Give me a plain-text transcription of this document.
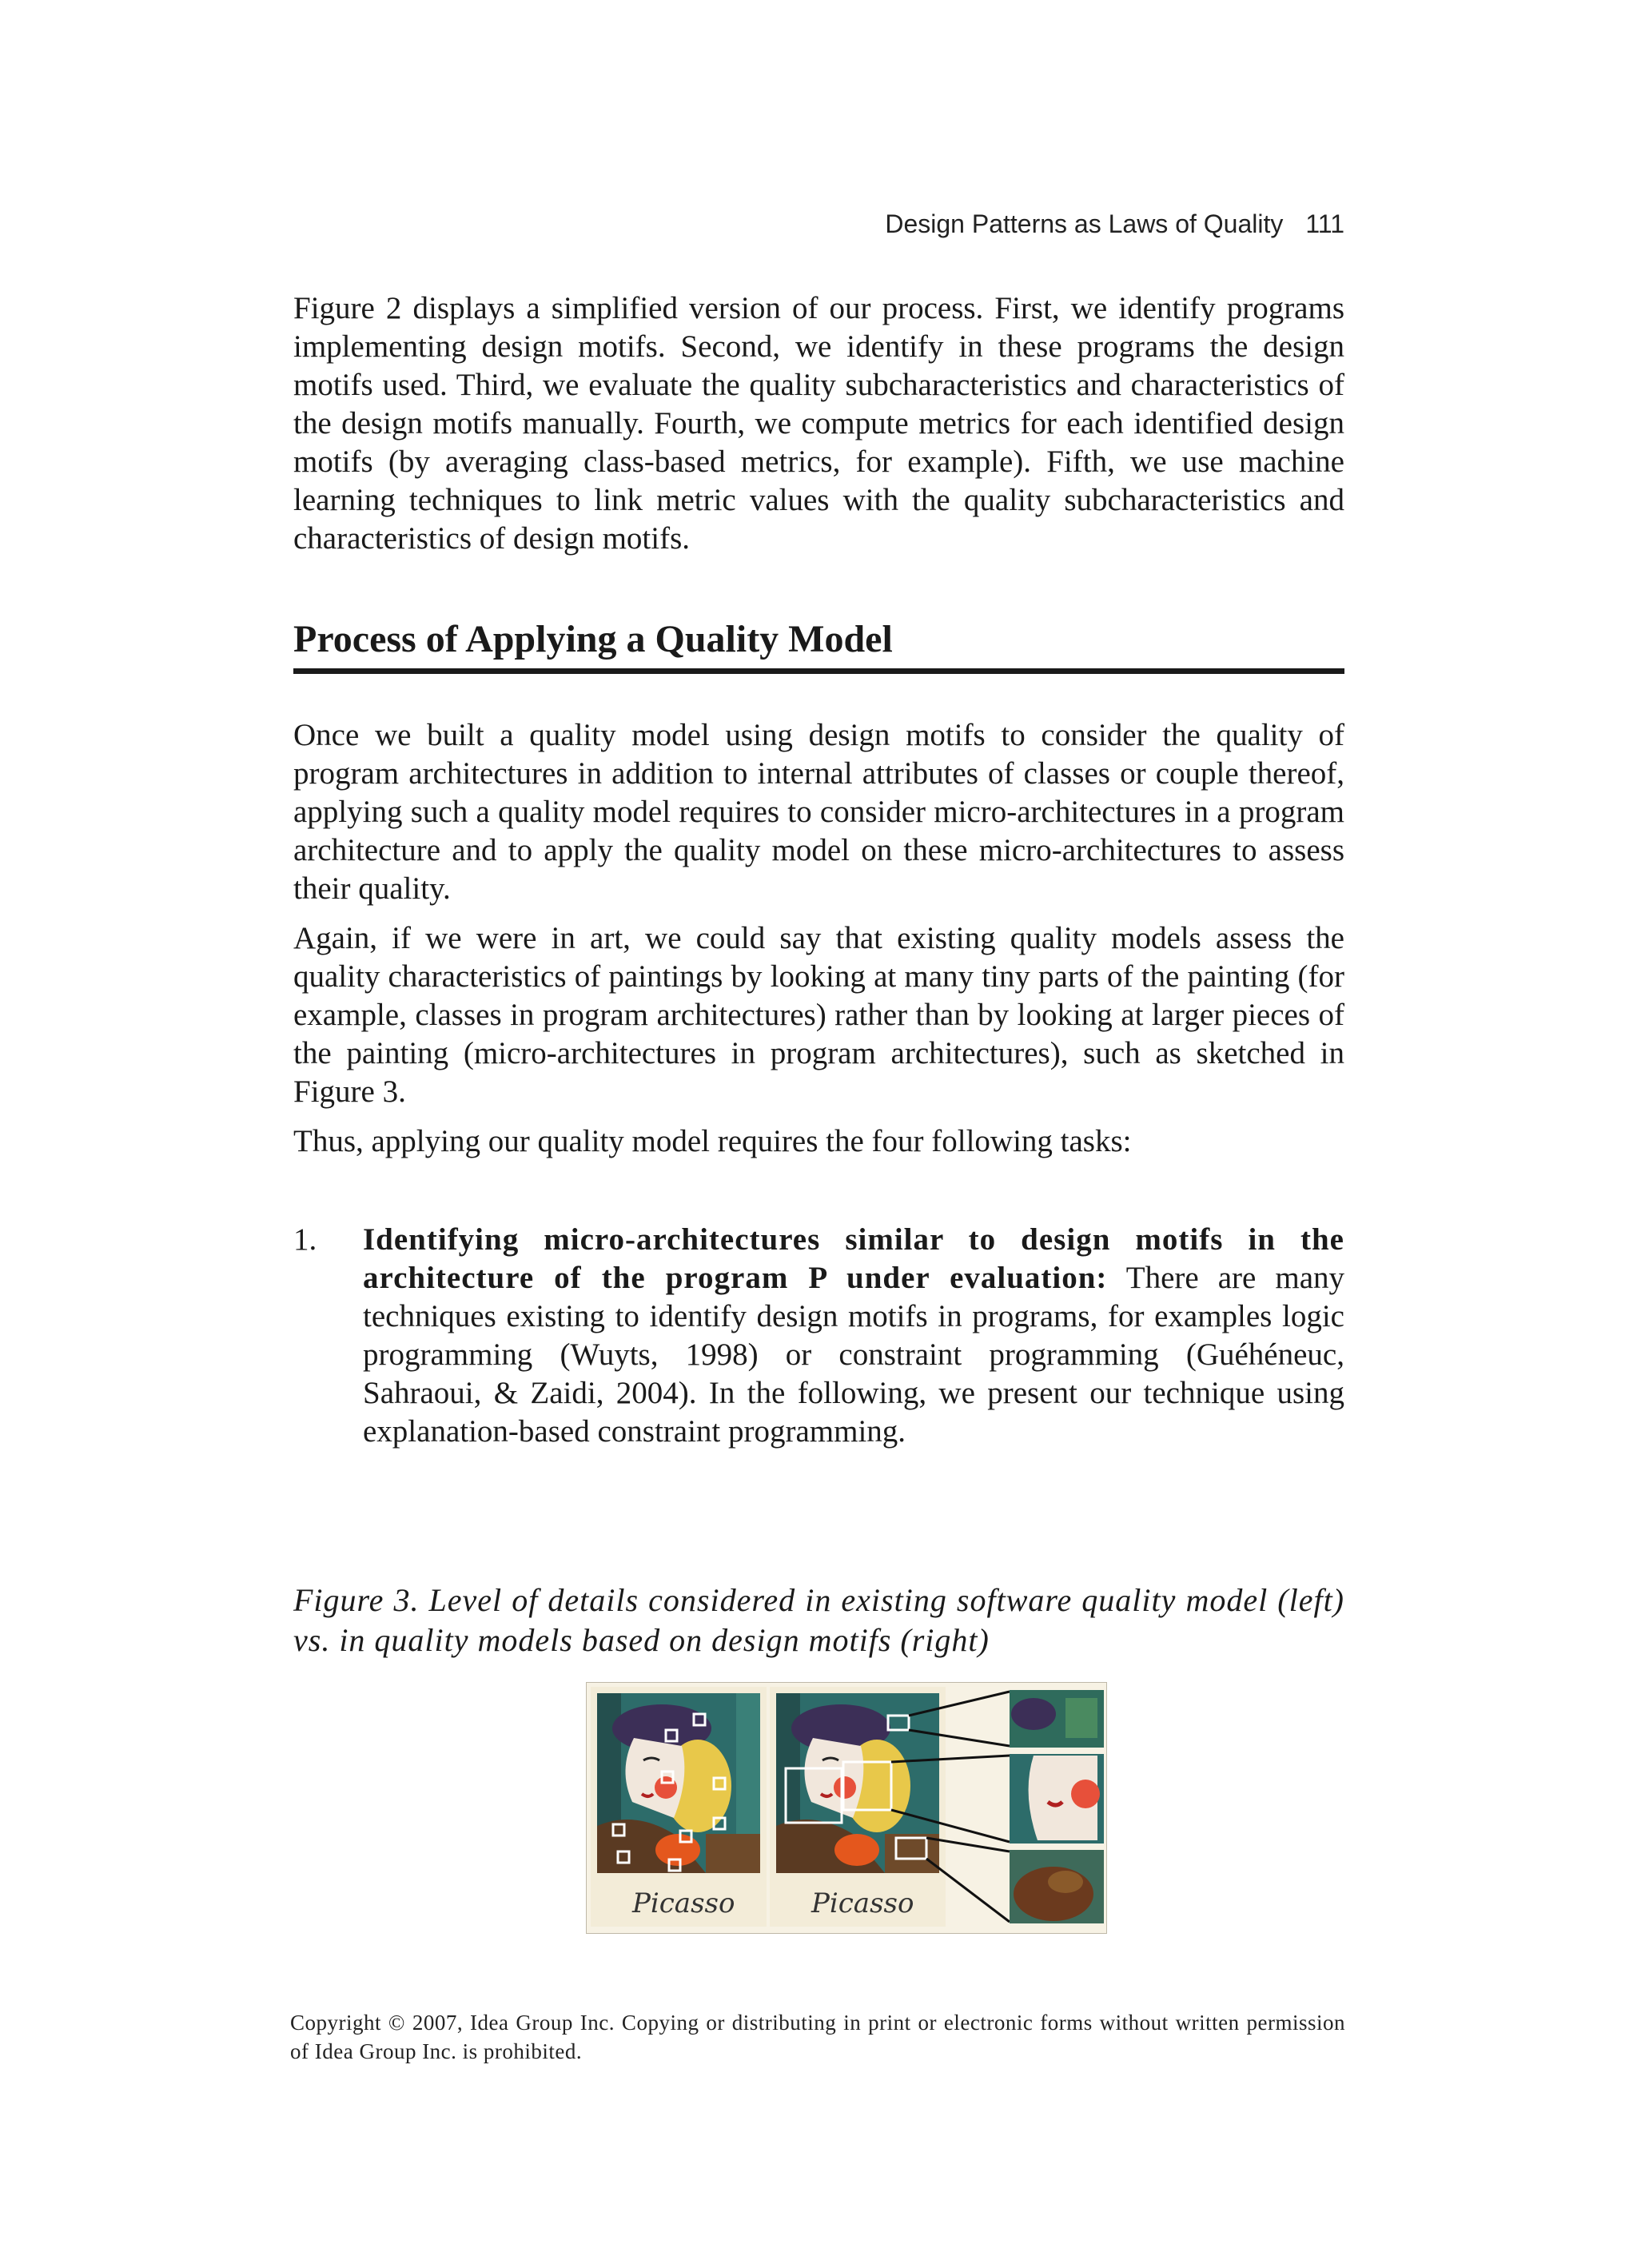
Design Patterns as Laws of Quality 111

Figure 2 displays a simplified version of our process. First, we identify programs implementing design motifs. Second, we identify in these programs the design motifs used. Third, we evaluate the quality subcharacteristics and characteristics of the design motifs manually. Fourth, we compute metrics for each identified design motifs (by averaging class-based metrics, for example). Fifth, we use machine learning techniques to link metric values with the quality subcharacteristics and characteristics of design motifs.

Process of Applying a Quality Model

Once we built a quality model using design motifs to consider the quality of program architectures in addition to internal attributes of classes or couple thereof, applying such a quality model requires to consider micro-architectures in a program architecture and to apply the quality model on these micro-architectures to assess their quality.

Again, if we were in art, we could say that existing quality models assess the quality characteristics of paintings by looking at many tiny parts of the painting (for example, classes in program architectures) rather than by looking at larger pieces of the painting (micro-architectures in program architectures), such as sketched in Figure 3.

Thus, applying our quality model requires the four following tasks:

1. Identifying micro-architectures similar to design motifs in the architecture of the program P under evaluation: There are many techniques existing to identify design motifs in programs, for examples logic programming (Wuyts, 1998) or constraint programming (Guéhéneuc, Sahraoui, & Zaidi, 2004). In the following, we present our technique using explanation-based constraint programming.

Figure 3. Level of details considered in existing software quality model (left) vs. in quality models based on design motifs (right)

Picasso	Picasso
Copyright © 2007, Idea Group Inc. Copying or distributing in print or electronic forms without written permission of Idea Group Inc. is prohibited.
